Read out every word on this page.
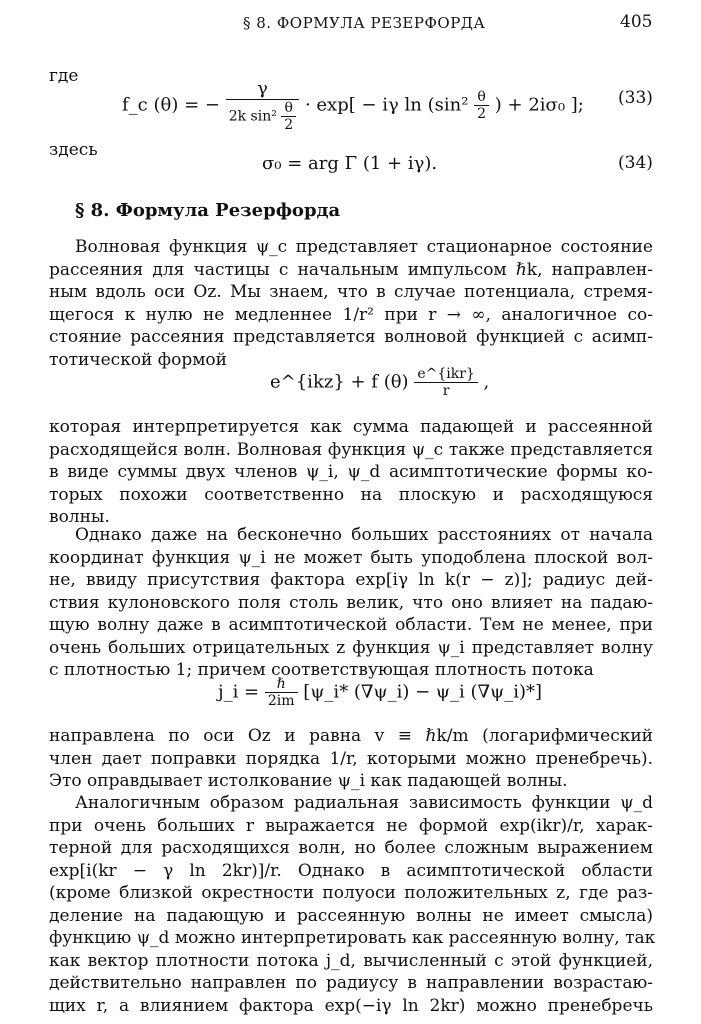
§ 8. ФОРМУЛА РЕЗЕРФОРДА	405
где
f_c (θ) = − $\frac{\gamma}{2k \sin^2 \frac{\theta}{2}} \cdot \exp[ - i\gamma$ $\ln (\sin^2 \frac{\theta}{2}$ ) + 2iσ₀ ]; (33)
здесь
σ₀ = arg Γ (1 + iγ).	(34)
§ 8. Формула Резерфорда
Волновая функция ψ_c представляет стационарное состояние
рассеяния для частицы с начальным импульсом ℏk, направлен-
ным вдоль оси Oz. Мы знаем, что в случае потенциала, стремя-
щегося к нулю не медленнее 1/r² при r → ∞, аналогичное со-
стояние рассеяния представляется волновой функцией с асимп-
тотической формой
e^{ikz} + f $(\theta) \frac{\text{e\textasciicircum{}\{ikr\}}}{r}$ ,
которая интерпретируется как сумма падающей и рассеянной
расходящейся волн. Волновая функция ψ_c также представляется
в виде суммы двух членов ψ_i, ψ_d асимптотические формы ко-
торых похожи соответственно на плоскую и расходящуюся
волны.
Однако даже на бесконечно больших расстояниях от начала
координат функция ψ_i не может быть уподоблена плоской вол-
не, ввиду присутствия фактора exp[iγ ln k(r − z)]; радиус дей-
ствия кулоновского поля столь велик, что оно влияет на падаю-
щую волну даже в асимптотической области. Тем не менее, при
очень больших отрицательных z функция ψ_i представляет волну
с плотностью 1; причем соответствующая плотность потока
j_i = $\frac{\text{ℏ}}{2im}$ [ψ_i* (∇ψ_i) − ψ_i (∇ψ_i)*]
направлена по оси Oz и равна v ≡ ℏk/m (логарифмический
член дает поправки порядка 1/r, которыми можно пренебречь).
Это оправдывает истолкование ψ_i как падающей волны.
Аналогичным образом радиальная зависимость функции ψ_d
при очень больших r выражается не формой exp(ikr)/r, харак-
терной для расходящихся волн, но более сложным выражением
exp[i(kr − γ ln 2kr)]/r. Однако в асимптотической области
(кроме близкой окрестности полуоси положительных z, где раз-
деление на падающую и рассеянную волны не имеет смысла)
функцию ψ_d можно интерпретировать как рассеянную волну, так
как вектор плотности потока j_d, вычисленный с этой функцией,
действительно направлен по радиусу в направлении возрастаю-
щих r, а влиянием фактора exp(−iγ ln 2kr) можно пренебречь
